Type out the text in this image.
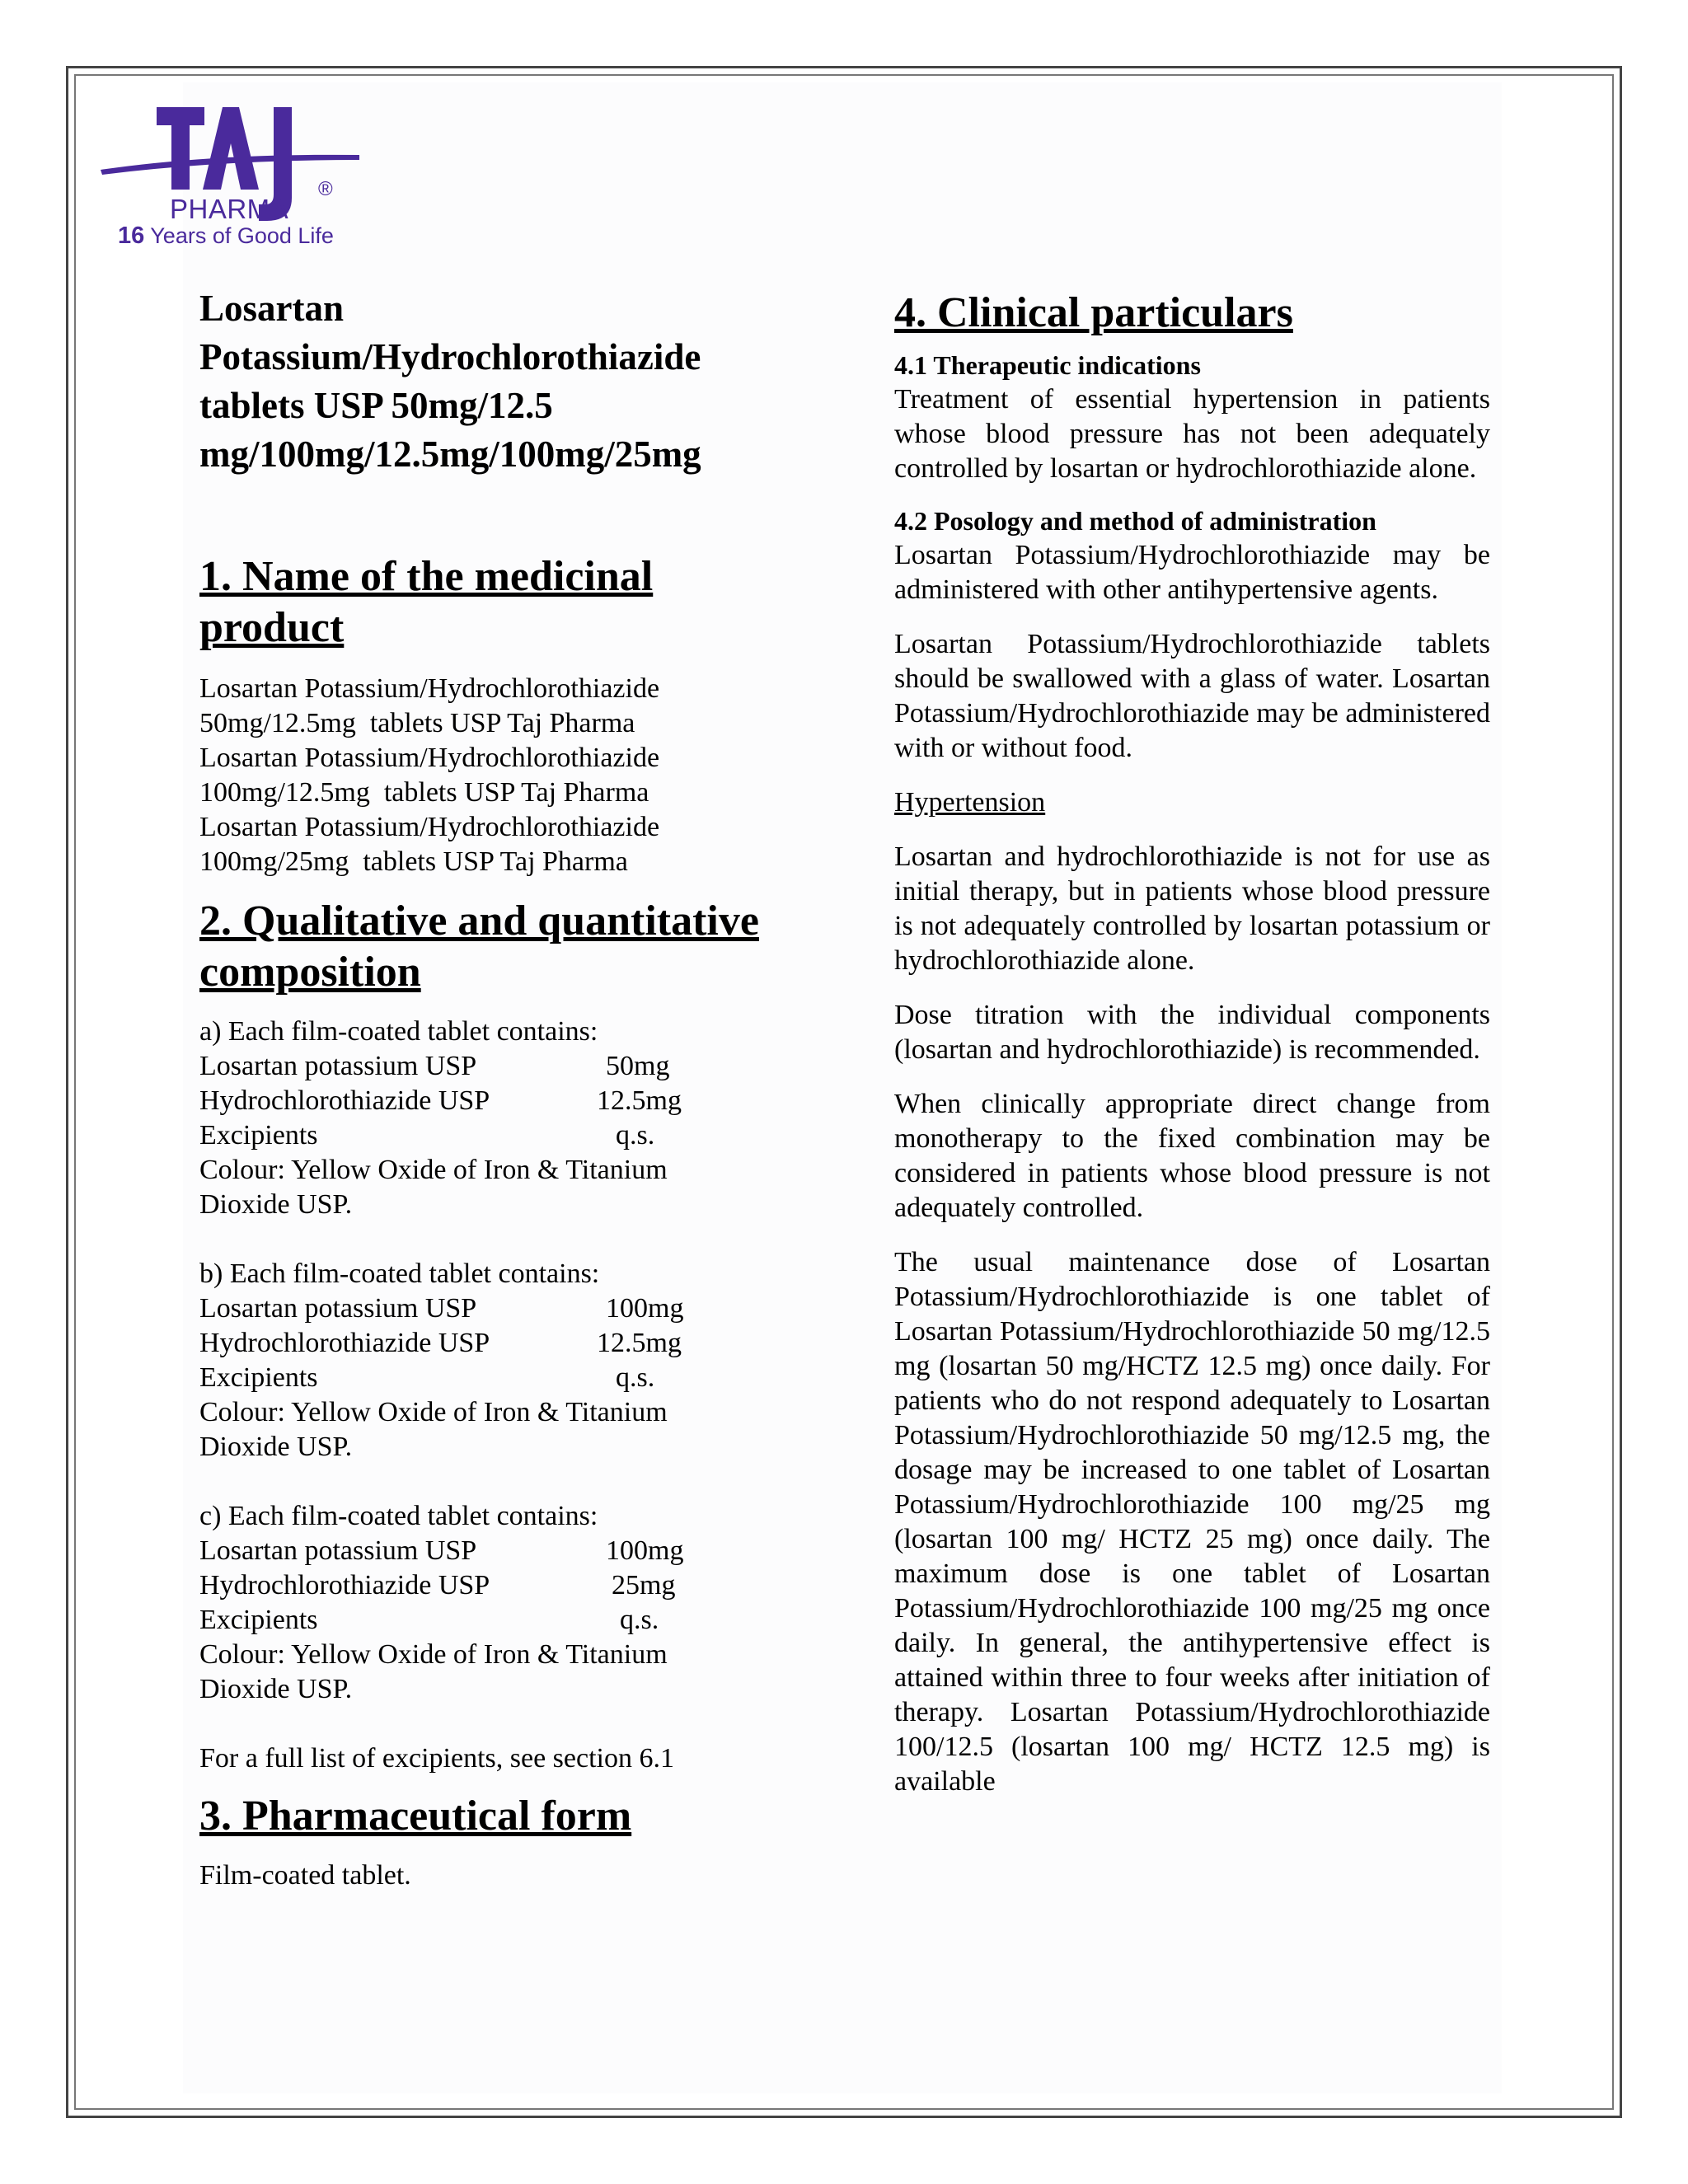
PHARMA
®
16 Years of Good Life
Losartan
Potassium/Hydrochlorothiazide
tablets USP 50mg/12.5
mg/100mg/12.5mg/100mg/25mg
1. Name of the medicinal
product
Losartan Potassium/Hydrochlorothiazide
50mg/12.5mg  tablets USP Taj Pharma
Losartan Potassium/Hydrochlorothiazide
100mg/12.5mg  tablets USP Taj Pharma
Losartan Potassium/Hydrochlorothiazide
100mg/25mg  tablets USP Taj Pharma
2. Qualitative and quantitative
composition
a) Each film-coated tablet contains:
Losartan potassium USP	50mg
Hydrochlorothiazide USP	12.5mg
Excipients	q.s.
Colour: Yellow Oxide of Iron & Titanium
Dioxide USP.
b) Each film-coated tablet contains:
Losartan potassium USP	100mg
Hydrochlorothiazide USP	12.5mg
Excipients	q.s.
Colour: Yellow Oxide of Iron & Titanium
Dioxide USP.
c) Each film-coated tablet contains:
Losartan potassium USP	100mg
Hydrochlorothiazide USP	25mg
Excipients	q.s.
Colour: Yellow Oxide of Iron & Titanium
Dioxide USP.
For a full list of excipients, see section 6.1
3. Pharmaceutical form
Film-coated tablet.
4. Clinical particulars
4.1 Therapeutic indications
Treatment of essential hypertension in patients whose blood pressure has not been adequately controlled by losartan or hydrochlorothiazide alone.
4.2 Posology and method of administration
Losartan Potassium/Hydrochlorothiazide may be administered with other antihypertensive agents.
Losartan Potassium/Hydrochlorothiazide tablets should be swallowed with a glass of water. Losartan Potassium/Hydrochlorothiazide may be administered with or without food.
Hypertension
Losartan and hydrochlorothiazide is not for use as initial therapy, but in patients whose blood pressure is not adequately controlled by losartan potassium or hydrochlorothiazide alone.
Dose titration with the individual components (losartan and hydrochlorothiazide) is recommended.
When clinically appropriate direct change from monotherapy to the fixed combination may be considered in patients whose blood pressure is not adequately controlled.
The usual maintenance dose of Losartan Potassium/Hydrochlorothiazide is one tablet of Losartan Potassium/Hydrochlorothiazide 50 mg/12.5 mg (losartan 50 mg/HCTZ 12.5 mg) once daily. For patients who do not respond adequately to Losartan Potassium/Hydrochlorothiazide 50 mg/12.5 mg, the dosage may be increased to one tablet of Losartan Potassium/Hydrochlorothiazide 100 mg/25 mg (losartan 100 mg/ HCTZ 25 mg) once daily. The maximum dose is one tablet of Losartan Potassium/Hydrochlorothiazide 100 mg/25 mg once daily. In general, the antihypertensive effect is attained within three to four weeks after initiation of therapy. Losartan Potassium/Hydrochlorothiazide 100/12.5 (losartan 100 mg/ HCTZ 12.5 mg) is available
